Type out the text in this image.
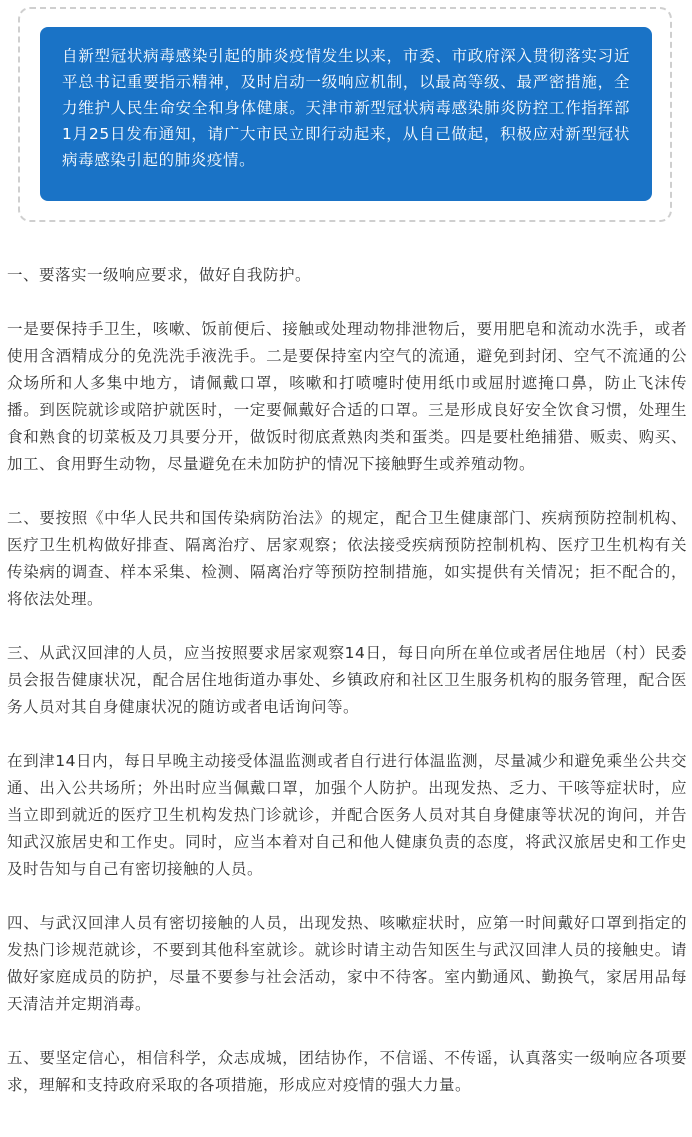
自新型冠状病毒感染引起的肺炎疫情发生以来，市委、市政府深入贯彻落实习近平总书记重要指示精神，及时启动一级响应机制，以最高等级、最严密措施，全力维护人民生命安全和身体健康。天津市新型冠状病毒感染肺炎防控工作指挥部1月25日发布通知，请广大市民立即行动起来，从自己做起，积极应对新型冠状病毒感染引起的肺炎疫情。

一、要落实一级响应要求，做好自我防护。

一是要保持手卫生，咳嗽、饭前便后、接触或处理动物排泄物后，要用肥皂和流动水洗手，或者使用含酒精成分的免洗洗手液洗手。二是要保持室内空气的流通，避免到封闭、空气不流通的公众场所和人多集中地方，请佩戴口罩，咳嗽和打喷嚏时使用纸巾或屈肘遮掩口鼻，防止飞沫传播。到医院就诊或陪护就医时，一定要佩戴好合适的口罩。三是形成良好安全饮食习惯，处理生食和熟食的切菜板及刀具要分开，做饭时彻底煮熟肉类和蛋类。四是要杜绝捕猎、贩卖、购买、加工、食用野生动物，尽量避免在未加防护的情况下接触野生或养殖动物。

二、要按照《中华人民共和国传染病防治法》的规定，配合卫生健康部门、疾病预防控制机构、医疗卫生机构做好排查、隔离治疗、居家观察；依法接受疾病预防控制机构、医疗卫生机构有关传染病的调查、样本采集、检测、隔离治疗等预防控制措施，如实提供有关情况；拒不配合的，将依法处理。

三、从武汉回津的人员，应当按照要求居家观察14日，每日向所在单位或者居住地居（村）民委员会报告健康状况，配合居住地街道办事处、乡镇政府和社区卫生服务机构的服务管理，配合医务人员对其自身健康状况的随访或者电话询问等。

在到津14日内，每日早晚主动接受体温监测或者自行进行体温监测，尽量减少和避免乘坐公共交通、出入公共场所；外出时应当佩戴口罩，加强个人防护。出现发热、乏力、干咳等症状时，应当立即到就近的医疗卫生机构发热门诊就诊，并配合医务人员对其自身健康等状况的询问，并告知武汉旅居史和工作史。同时，应当本着对自己和他人健康负责的态度，将武汉旅居史和工作史及时告知与自己有密切接触的人员。

四、与武汉回津人员有密切接触的人员，出现发热、咳嗽症状时，应第一时间戴好口罩到指定的发热门诊规范就诊，不要到其他科室就诊。就诊时请主动告知医生与武汉回津人员的接触史。请做好家庭成员的防护，尽量不要参与社会活动，家中不待客。室内勤通风、勤换气，家居用品每天清洁并定期消毒。

五、要坚定信心，相信科学，众志成城，团结协作，不信谣、不传谣，认真落实一级响应各项要求，理解和支持政府采取的各项措施，形成应对疫情的强大力量。
